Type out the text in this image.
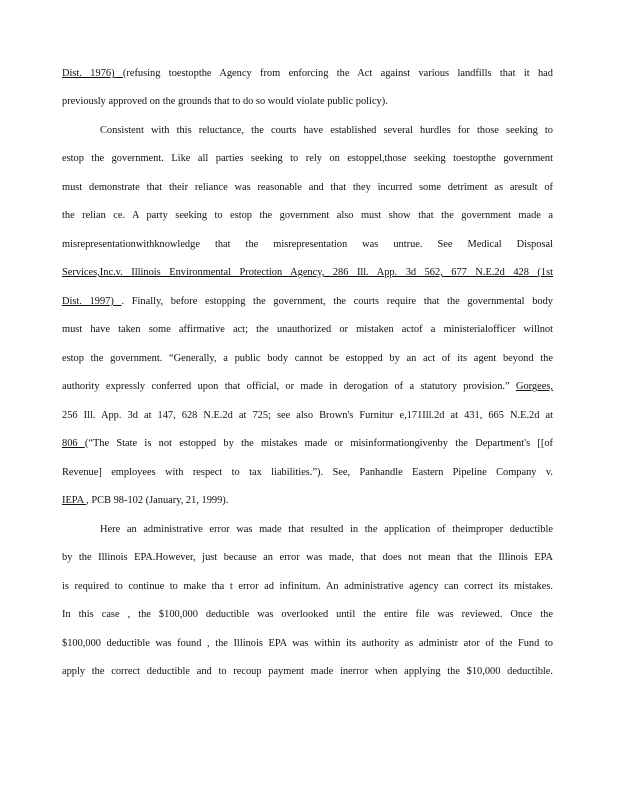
Dist. 1976) (refusing toestopthe Agency from enforcing the Act against various landfills that it had
previously approved on the grounds that to do so would violate public policy).
Consistent with this reluctance, the courts have established several hurdles for those seeking to
estop the government. Like all parties seeking to rely on estoppel,those seeking toestopthe government
must demonstrate that their reliance was reasonable and that they incurred some detriment as aresult of
the relian ce. A party seeking to estop the government also must show that the government made a
misrepresentationwithknowledge that the misrepresentation was untrue. See Medical Disposal
Services,Inc.v. Illinois Environmental Protection Agency, 286 Ill. App. 3d 562, 677 N.E.2d 428 (1st
Dist. 1997) . Finally, before estopping the government, the courts require that the governmental body
must have taken some affirmative act; the unauthorized or mistaken actof a ministerialofficer willnot
estop the government. “Generally, a public body cannot be estopped by an act of its agent beyond the
authority expressly conferred upon that official, or made in derogation of a statutory provision.” Gorgees,
256 Ill. App. 3d at 147, 628 N.E.2d at 725; see also Brown's Furnitur e,171Ill.2d at 431, 665 N.E.2d at
806 (“The State is not estopped by the mistakes made or misinformationgivenby the Department's [[of
Revenue] employees with respect to tax liabilities.”). See, Panhandle Eastern Pipeline Company v.
IEPA , PCB 98-102 (January, 21, 1999).
Here an administrative error was made that resulted in the application of theimproper deductible
by the Illinois EPA.However, just because an error was made, that does not mean that the Illinois EPA
is required to continue to make tha t error ad infinitum. An administrative agency can correct its mistakes.
In this case , the $100,000 deductible was overlooked until the entire file was reviewed. Once the
$100,000 deductible was found , the Illinois EPA was within its authority as administr ator of the Fund to
apply the correct deductible and to recoup payment made inerror when applying the $10,000 deductible.
